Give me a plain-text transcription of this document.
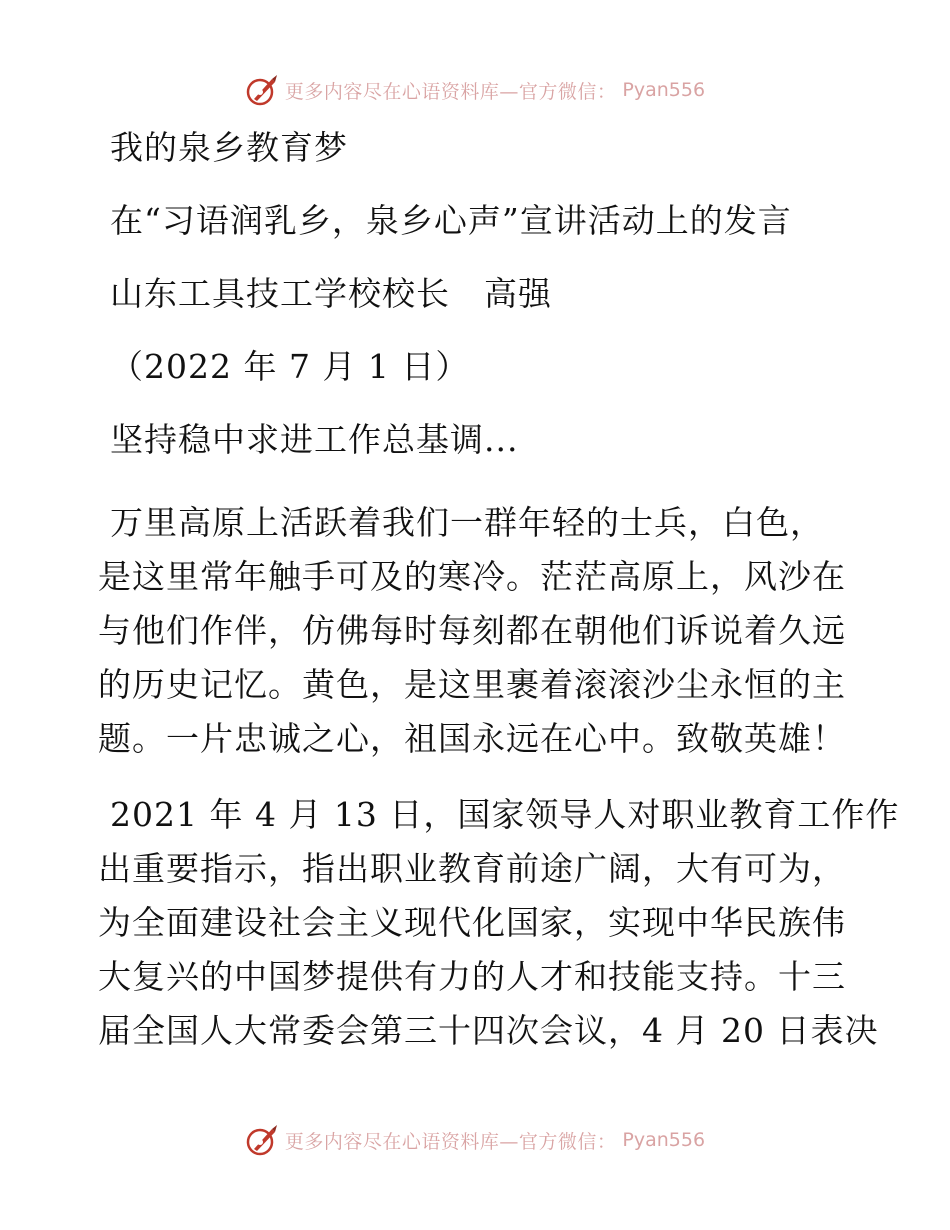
更多内容尽在心语资料库—官方微信： Pyan556

我的泉乡教育梦

在“习语润乳乡，泉乡心声”宣讲活动上的发言

山东工具技工学校校长　高强

（2022 年 7 月 1 日）

坚持稳中求进工作总基调...

万里高原上活跃着我们一群年轻的士兵，白色，

是这里常年触手可及的寒冷。茫茫高原上，风沙在

与他们作伴，仿佛每时每刻都在朝他们诉说着久远

的历史记忆。黄色，是这里裹着滚滚沙尘永恒的主

题。一片忠诚之心，祖国永远在心中。致敬英雄！

2021 年 4 月 13 日，国家领导人对职业教育工作作

出重要指示，指出职业教育前途广阔，大有可为，

为全面建设社会主义现代化国家，实现中华民族伟

大复兴的中国梦提供有力的人才和技能支持。十三

届全国人大常委会第三十四次会议，4 月 20 日表决

更多内容尽在心语资料库—官方微信： Pyan556
